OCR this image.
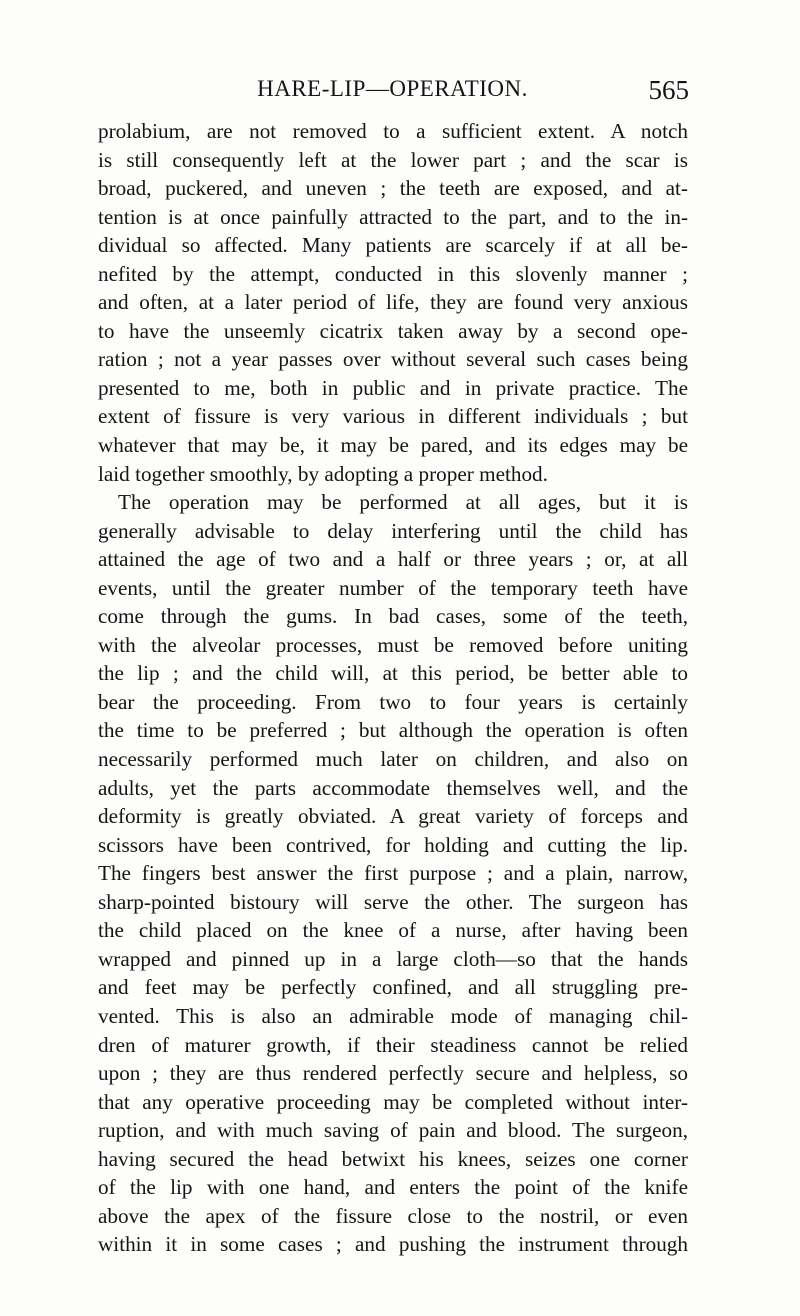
HARE-LIP—OPERATION.	565
prolabium, are not removed to a sufficient extent. A notch
is still consequently left at the lower part ; and the scar is
broad, puckered, and uneven ; the teeth are exposed, and at-
tention is at once painfully attracted to the part, and to the in-
dividual so affected. Many patients are scarcely if at all be-
nefited by the attempt, conducted in this slovenly manner ;
and often, at a later period of life, they are found very anxious
to have the unseemly cicatrix taken away by a second ope-
ration ; not a year passes over without several such cases being
presented to me, both in public and in private practice. The
extent of fissure is very various in different individuals ; but
whatever that may be, it may be pared, and its edges may be
laid together smoothly, by adopting a proper method.
The operation may be performed at all ages, but it is
generally advisable to delay interfering until the child has
attained the age of two and a half or three years ; or, at all
events, until the greater number of the temporary teeth have
come through the gums. In bad cases, some of the teeth,
with the alveolar processes, must be removed before uniting
the lip ; and the child will, at this period, be better able to
bear the proceeding. From two to four years is certainly
the time to be preferred ; but although the operation is often
necessarily performed much later on children, and also on
adults, yet the parts accommodate themselves well, and the
deformity is greatly obviated. A great variety of forceps and
scissors have been contrived, for holding and cutting the lip.
The fingers best answer the first purpose ; and a plain, narrow,
sharp-pointed bistoury will serve the other. The surgeon has
the child placed on the knee of a nurse, after having been
wrapped and pinned up in a large cloth—so that the hands
and feet may be perfectly confined, and all struggling pre-
vented. This is also an admirable mode of managing chil-
dren of maturer growth, if their steadiness cannot be relied
upon ; they are thus rendered perfectly secure and helpless, so
that any operative proceeding may be completed without inter-
ruption, and with much saving of pain and blood. The surgeon,
having secured the head betwixt his knees, seizes one corner
of the lip with one hand, and enters the point of the knife
above the apex of the fissure close to the nostril, or even
within it in some cases ; and pushing the instrument through
